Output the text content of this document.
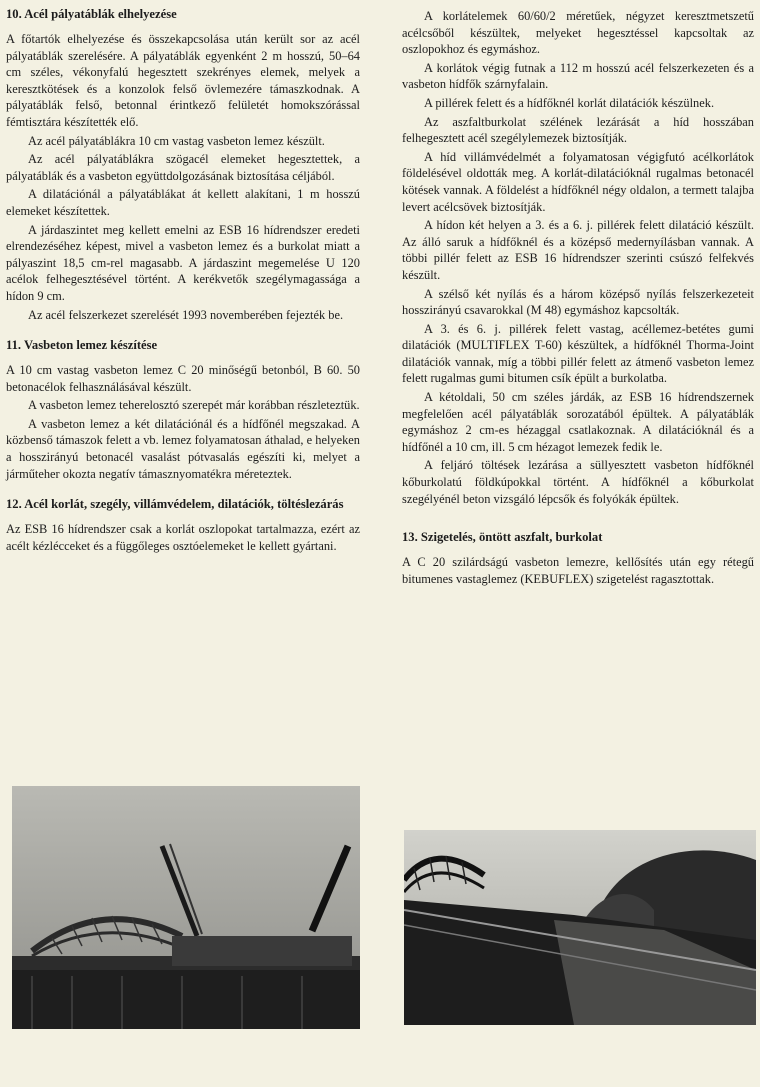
10. Acél pályatáblák elhelyezése

A főtartók elhelyezése és összekapcsolása után került sor az acél pályatáblák szerelésére. A pályatáblák egyenként 2 m hosszú, 50–64 cm széles, vékonyfalú hegesztett szekrényes elemek, melyek a keresztkötések és a konzolok felső övlemezére támaszkodnak. A pályatáblák felső, betonnal érintkező felületét homokszórással fémtisztára készítették elő.

Az acél pályatáblákra 10 cm vastag vasbeton lemez készült.

Az acél pályatáblákra szögacél elemeket hegesztettek, a pályatáblák és a vasbeton együttdolgozásának biztosítása céljából.

A dilatációnál a pályatáblákat át kellett alakítani, 1 m hosszú elemeket készítettek.

A járdaszintet meg kellett emelni az ESB 16 hídrendszer eredeti elrendezéséhez képest, mivel a vasbeton lemez és a burkolat miatt a pályaszint 18,5 cm-rel magasabb. A járdaszint megemelése U 120 acélok felhegesztésével történt. A kerékvetők szegélymagassága a hídon 9 cm.

Az acél felszerkezet szerelését 1993 novemberében fejezték be.

11. Vasbeton lemez készítése

A 10 cm vastag vasbeton lemez C 20 minőségű betonból, B 60. 50 betonacélok felhasználásával készült.

A vasbeton lemez teherelosztó szerepét már korábban részleteztük.

A vasbeton lemez a két dilatációnál és a hídfőnél megszakad. A közbenső támaszok felett a vb. lemez folyamatosan áthalad, e helyeken a hosszirányú betonacél vasalást pótvasalás egészíti ki, melyet a járműteher okozta negatív támasznyomatékra méreteztek.

12. Acél korlát, szegély, villámvédelem, dilatációk, töltéslezárás

Az ESB 16 hídrendszer csak a korlát oszlopokat tartalmazza, ezért az acélt kézlécceket és a függőleges osztóelemeket le kellett gyártani.

A korlátelemek 60/60/2 méretűek, négyzet keresztmetszetű acélcsőből készültek, melyeket hegesztéssel kapcsoltak az oszlopokhoz és egymáshoz.

A korlátok végig futnak a 112 m hosszú acél felszerkezeten és a vasbeton hídfők szárnyfalain.

A pillérek felett és a hídfőknél korlát dilatációk készülnek.

Az aszfaltburkolat szélének lezárását a híd hosszában felhegesztett acél szegélylemezek biztosítják.

A híd villámvédelmét a folyamatosan végigfutó acélkorlátok földelésével oldották meg. A korlát-dilatációknál rugalmas betonacél kötések vannak. A földelést a hídfőknél négy oldalon, a termett talajba levert acélcsövek biztosítják.

A hídon két helyen a 3. és a 6. j. pillérek felett dilatáció készült. Az álló saruk a hídfőknél és a középső medernyílásban vannak. A többi pillér felett az ESB 16 hídrendszer szerinti csúszó felfekvés készült.

A szélső két nyílás és a három középső nyílás felszerkezeteit hosszirányú csavarokkal (M 48) egymáshoz kapcsolták.

A 3. és 6. j. pillérek felett vastag, acéllemez-betétes gumi dilatációk (MULTIFLEX T-60) készültek, a hídfőknél Thorma-Joint dilatációk vannak, míg a többi pillér felett az átmenő vasbeton lemez felett rugalmas gumi bitumen csík épült a burkolatba.

A kétoldali, 50 cm széles járdák, az ESB 16 hídrendszernek megfelelően acél pályatáblák sorozatából épültek. A pályatáblák egymáshoz 2 cm-es hézaggal csatlakoznak. A dilatációknál és a hídfőnél a 10 cm, ill. 5 cm hézagot lemezek fedik le.

A feljáró töltések lezárása a süllyesztett vasbeton hídfőknél kőburkolatú földkúpokkal történt. A hídfőknél a kőburkolat szegélyénél beton vizsgáló lépcsők és folyókák épültek.

13. Szigetelés, öntött aszfalt, burkolat

A C 20 szilárdságú vasbeton lemezre, kellősítés után egy rétegű bitumenes vastaglemez (KEBUFLEX) szigetelést ragasztottak.
